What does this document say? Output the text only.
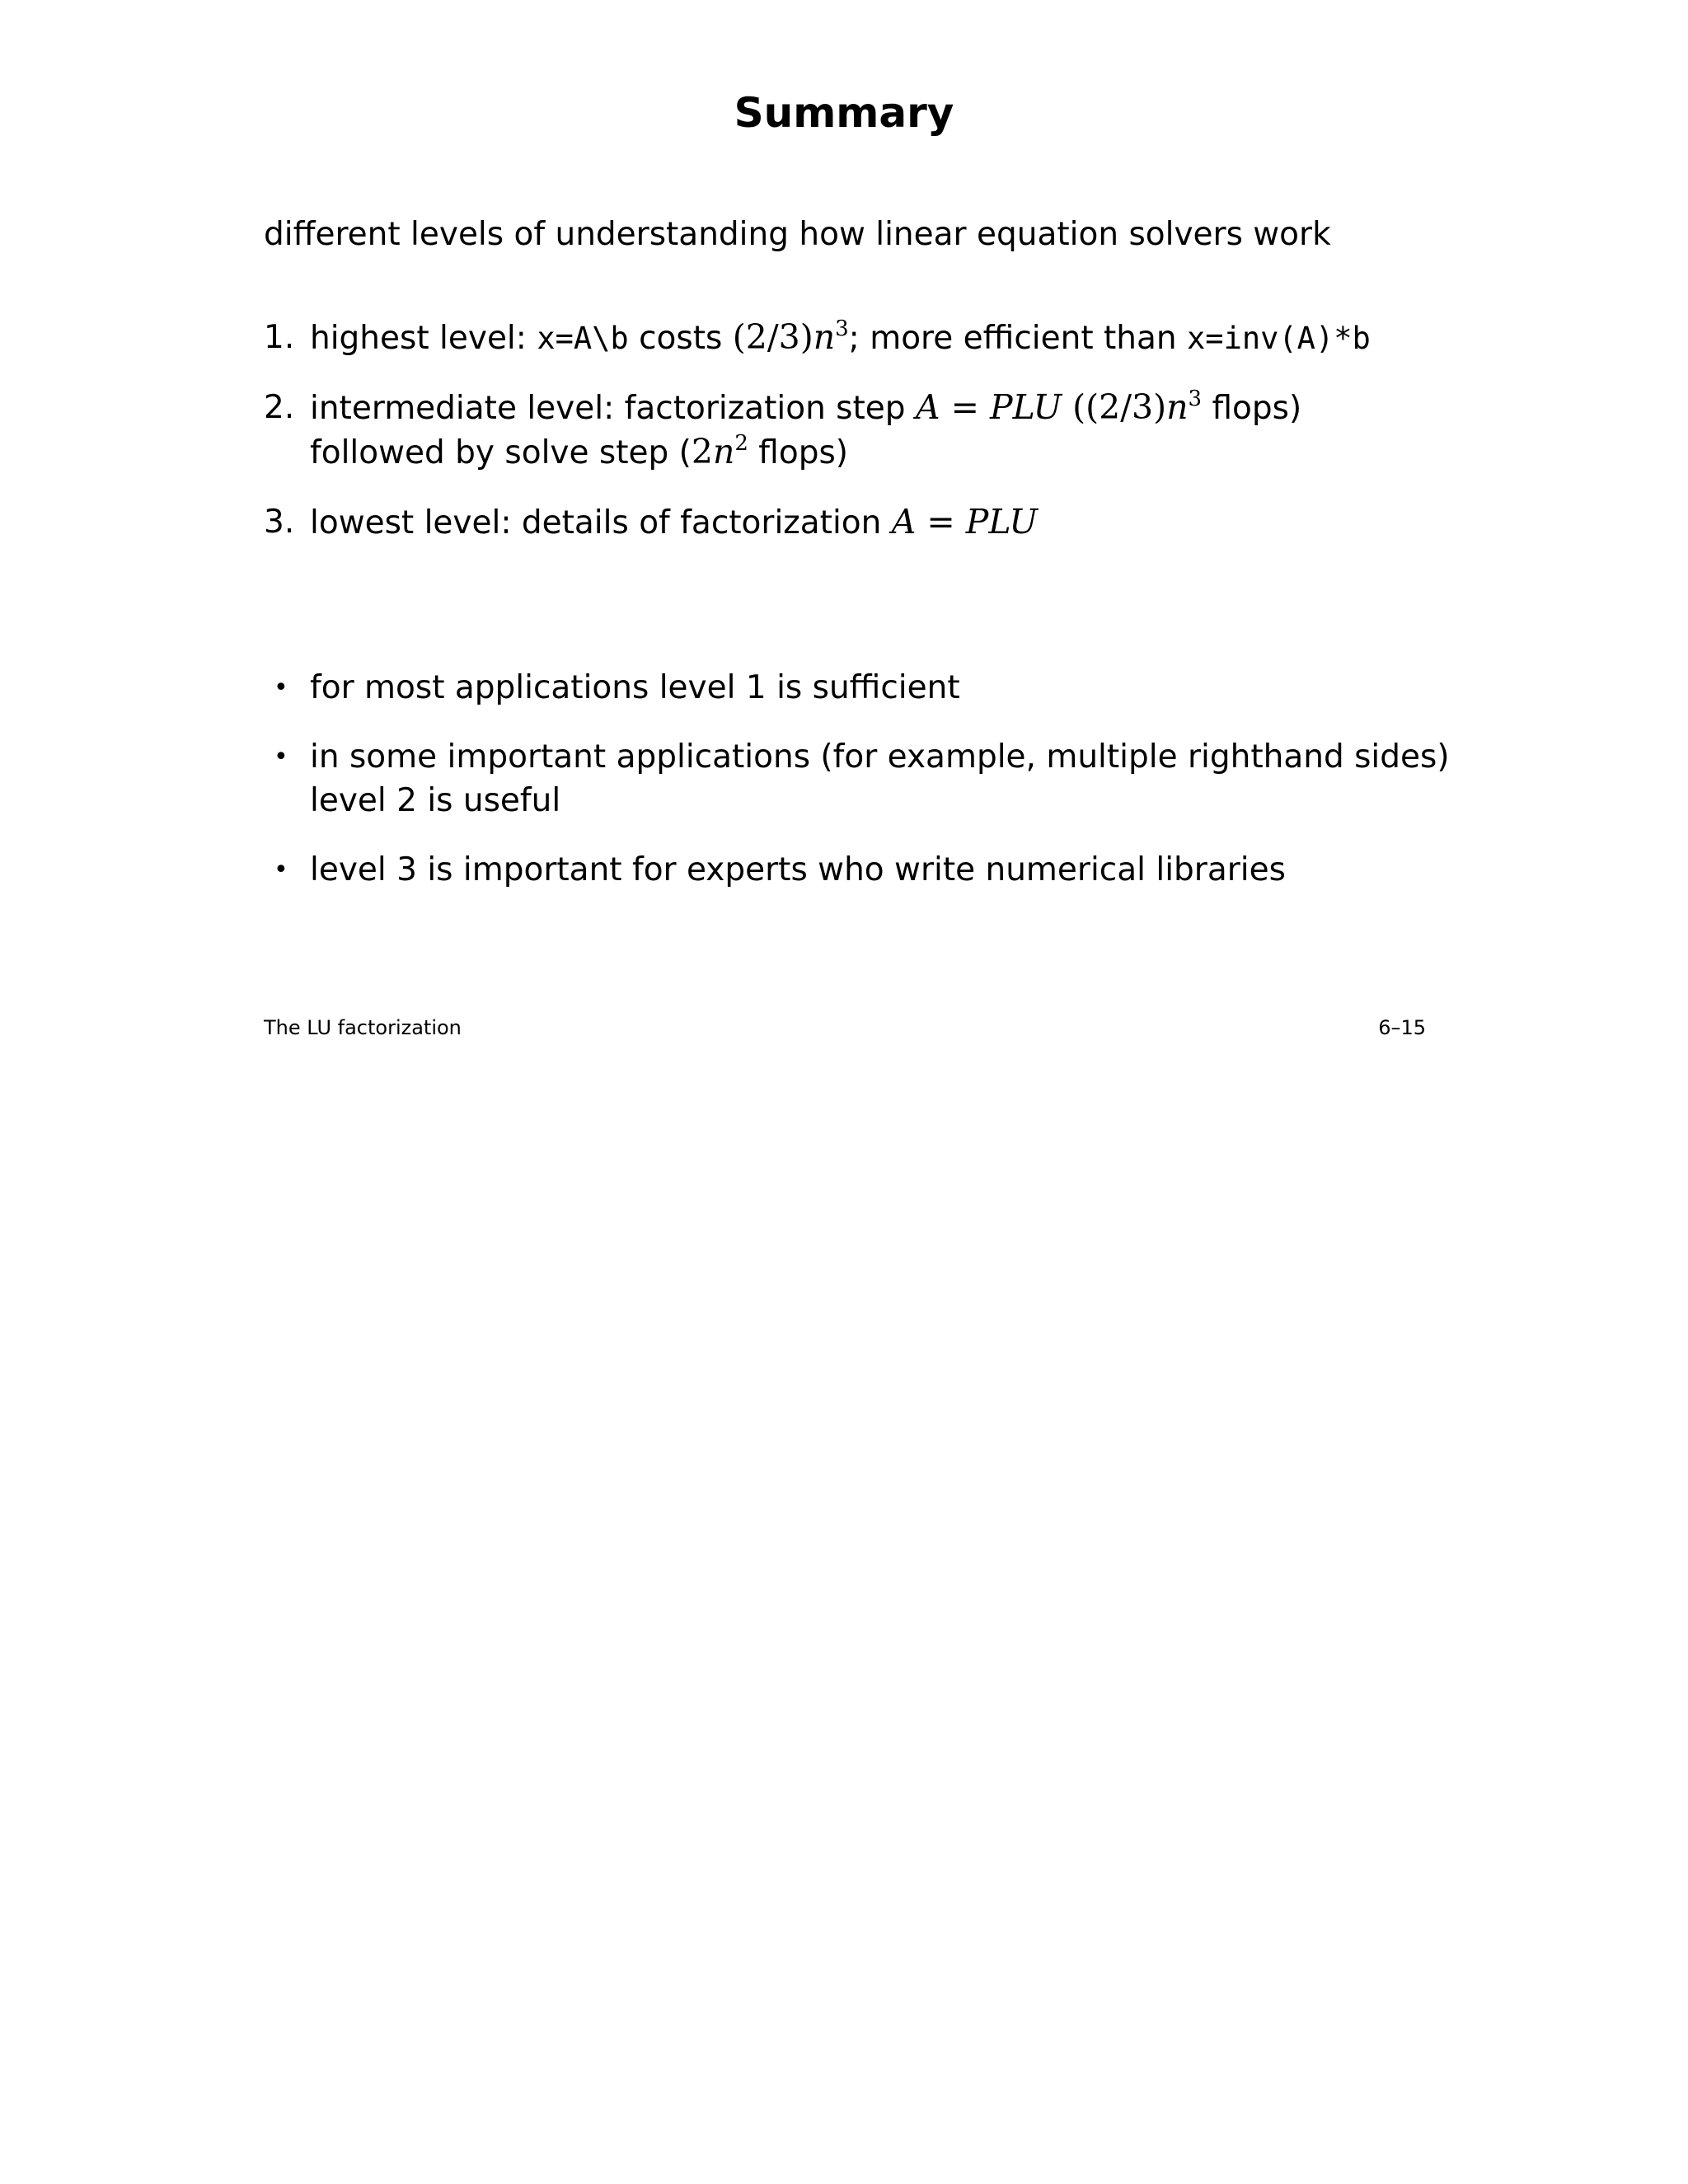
Summary
different levels of understanding how linear equation solvers work
1. highest level: x=A\b costs $(2/3)n^3$; more efficient than x=inv(A)*b
2. intermediate level: factorization step A = PLU ($(2/3)n^3$ flops)
followed by solve step ($2n^2$ flops)
3. lowest level: details of factorization A = PLU
• for most applications level 1 is sufficient
• in some important applications (for example, multiple righthand sides)
level 2 is useful
• level 3 is important for experts who write numerical libraries
The LU factorization	6–15
